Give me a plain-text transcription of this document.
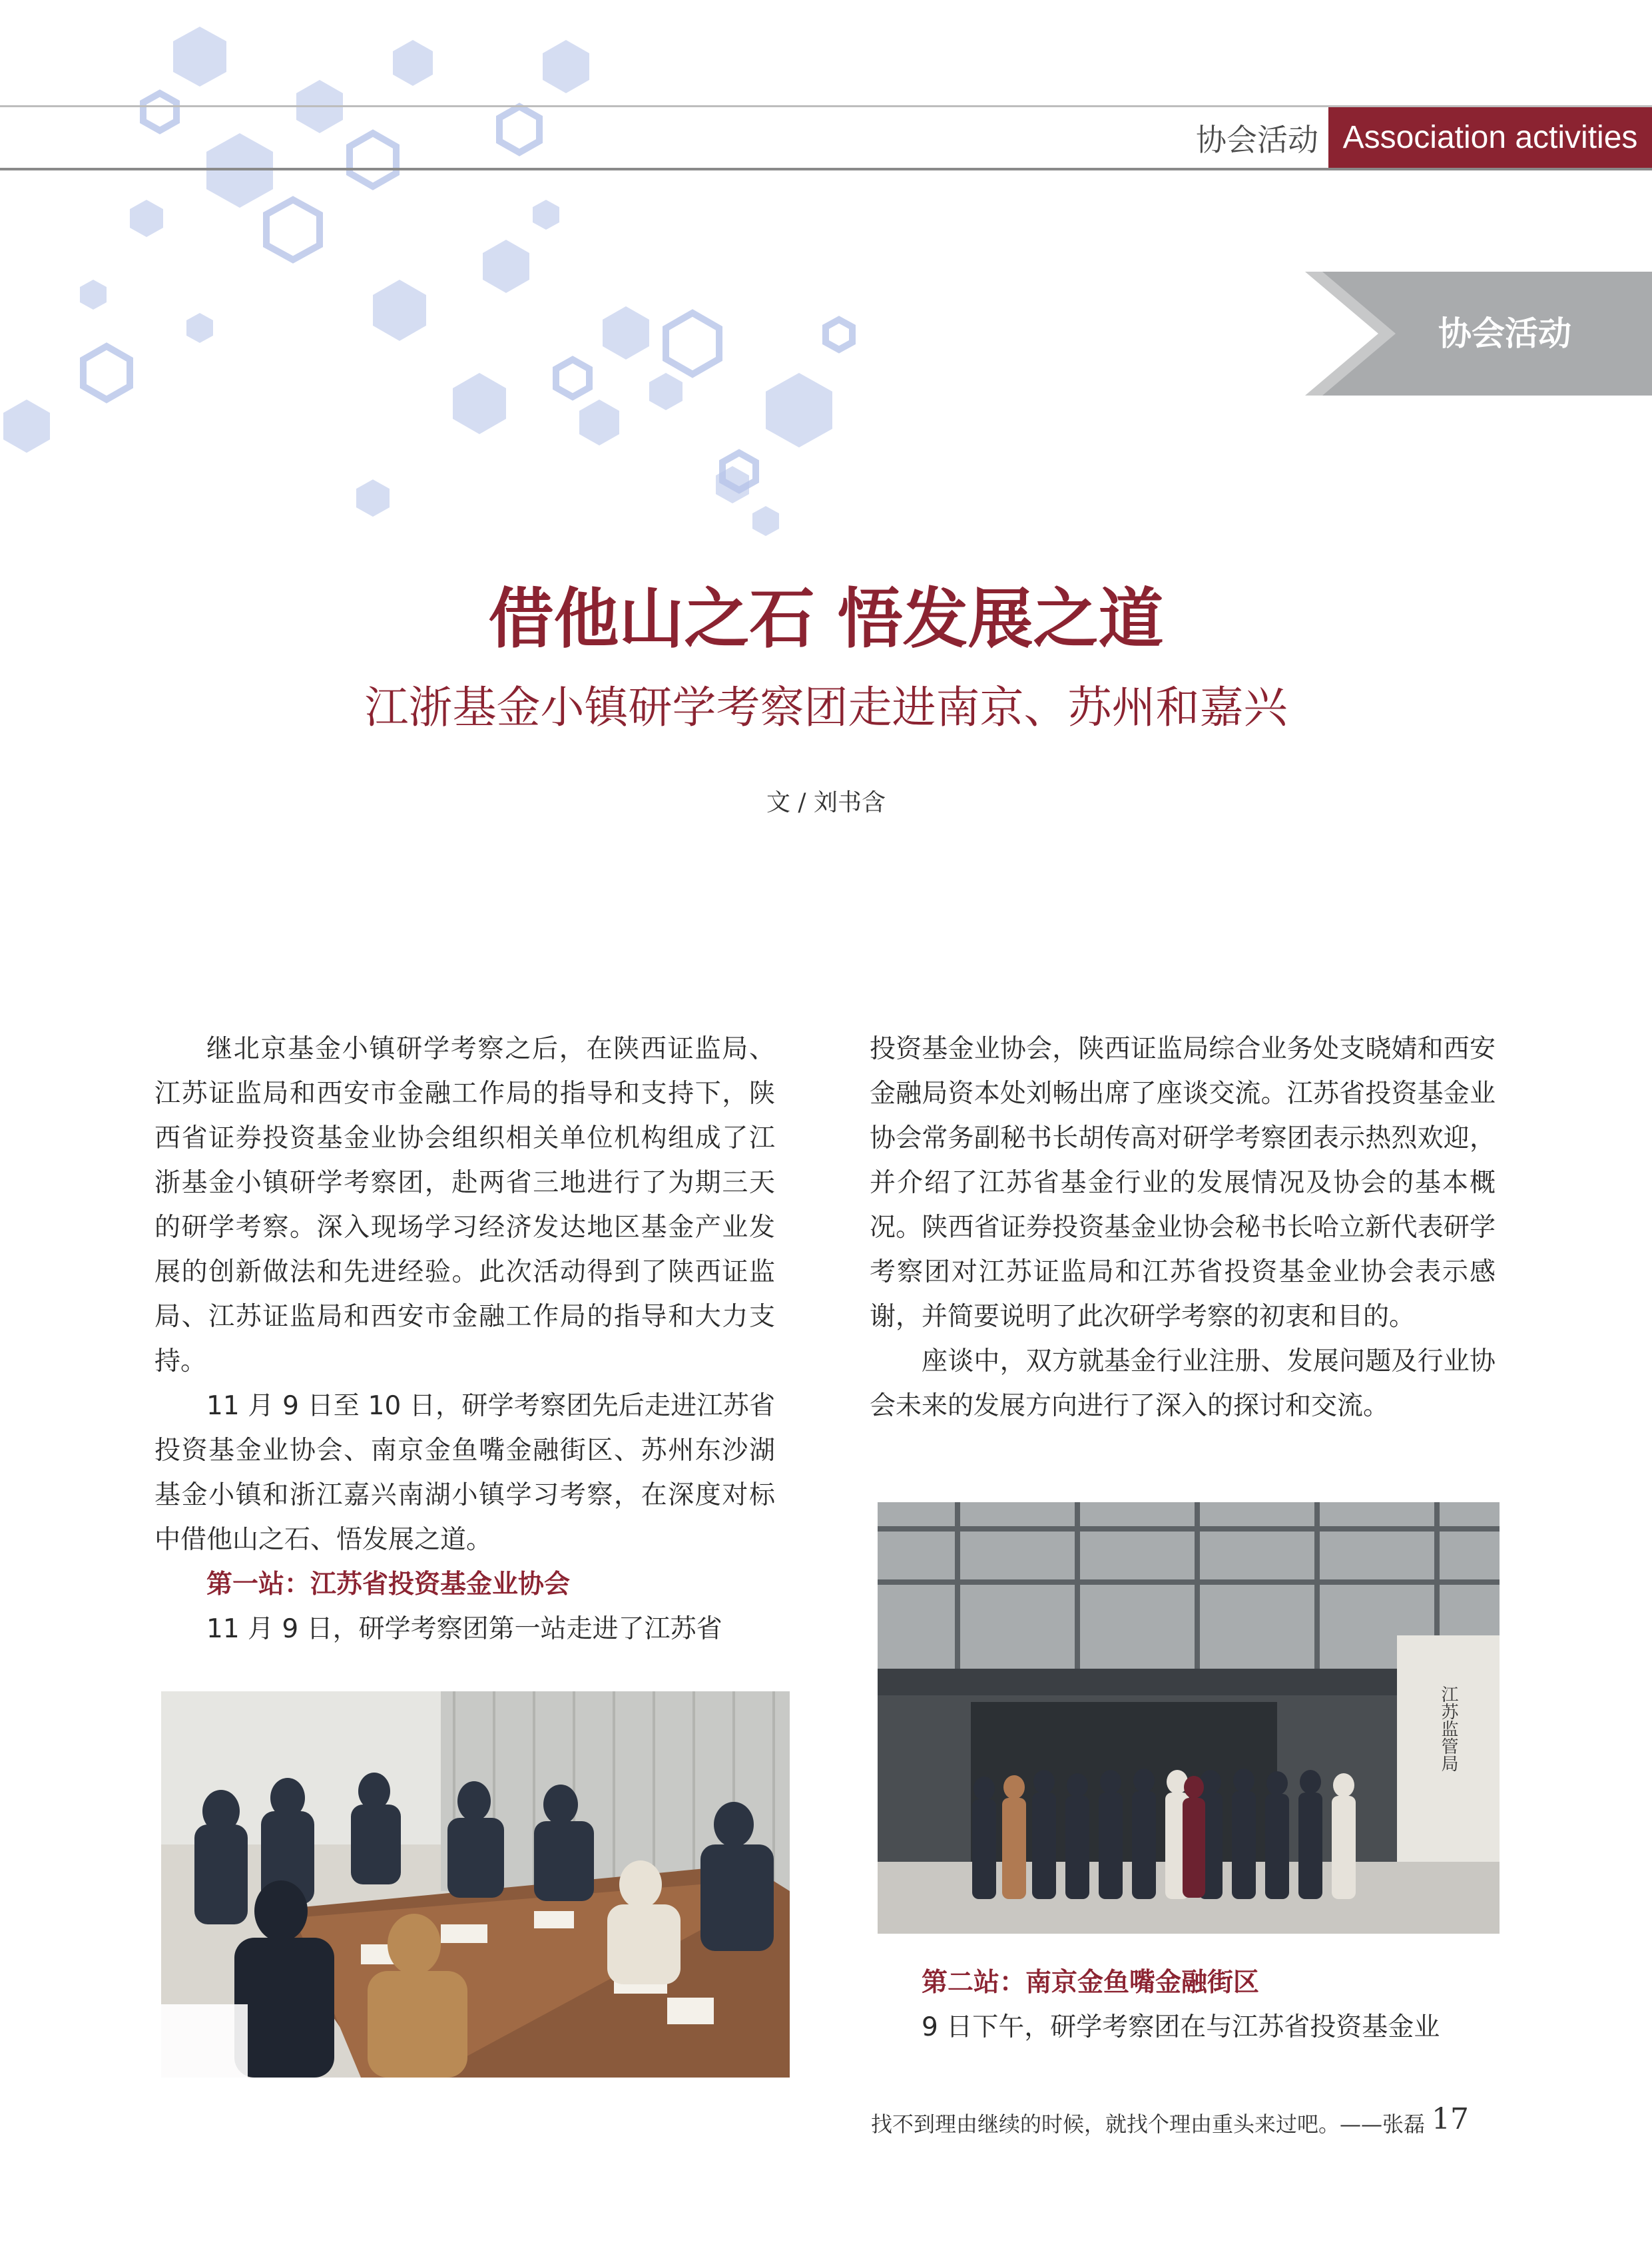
协会活动 Association activities
协会活动
借他山之石 悟发展之道
江浙基金小镇研学考察团走进南京、苏州和嘉兴
文 / 刘书含

继北京基金小镇研学考察之后，在陕西证监局、江苏证监局和西安市金融工作局的指导和支持下，陕西省证券投资基金业协会组织相关单位机构组成了江浙基金小镇研学考察团，赴两省三地进行了为期三天的研学考察。深入现场学习经济发达地区基金产业发展的创新做法和先进经验。此次活动得到了陕西证监局、江苏证监局和西安市金融工作局的指导和大力支持。

11 月 9 日至 10 日，研学考察团先后走进江苏省投资基金业协会、南京金鱼嘴金融街区、苏州东沙湖基金小镇和浙江嘉兴南湖小镇学习考察，在深度对标中借他山之石、悟发展之道。

第一站：江苏省投资基金业协会

11 月 9 日，研学考察团第一站走进了江苏省

投资基金业协会，陕西证监局综合业务处支晓婧和西安金融局资本处刘畅出席了座谈交流。江苏省投资基金业协会常务副秘书长胡传高对研学考察团表示热烈欢迎，并介绍了江苏省基金行业的发展情况及协会的基本概况。陕西省证券投资基金业协会秘书长哈立新代表研学考察团对江苏证监局和江苏省投资基金业协会表示感谢，并简要说明了此次研学考察的初衷和目的。

座谈中，双方就基金行业注册、发展问题及行业协会未来的发展方向进行了深入的探讨和交流。

江苏监管局
第二站：南京金鱼嘴金融街区
9 日下午，研学考察团在与江苏省投资基金业
找不到理由继续的时候，就找个理由重头来过吧。——张磊 17
